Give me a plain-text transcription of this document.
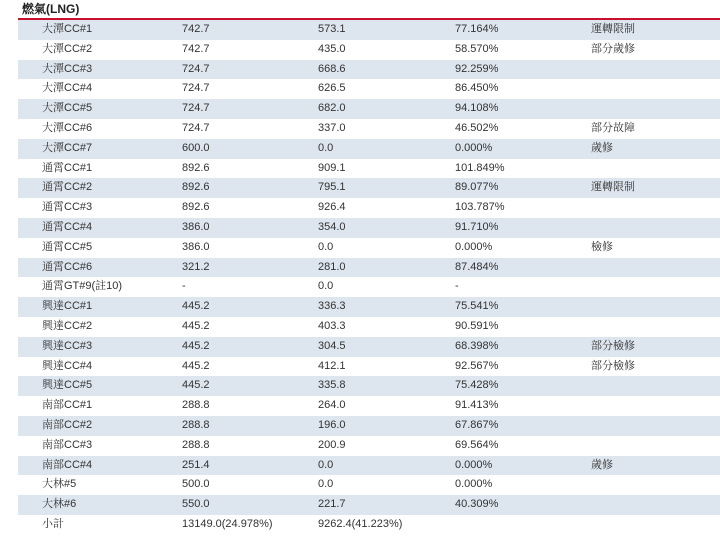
燃氣(LNG)
大潭CC#1	742.7	573.1	77.164%	運轉限制
大潭CC#2	742.7	435.0	58.570%	部分歲修
大潭CC#3	724.7	668.6	92.259%	
大潭CC#4	724.7	626.5	86.450%	
大潭CC#5	724.7	682.0	94.108%	
大潭CC#6	724.7	337.0	46.502%	部分故障
大潭CC#7	600.0	0.0	0.000%	歲修
通霄CC#1	892.6	909.1	101.849%	
通霄CC#2	892.6	795.1	89.077%	運轉限制
通霄CC#3	892.6	926.4	103.787%	
通霄CC#4	386.0	354.0	91.710%	
通霄CC#5	386.0	0.0	0.000%	檢修
通霄CC#6	321.2	281.0	87.484%	
通霄GT#9(註10)	-	0.0	-	
興達CC#1	445.2	336.3	75.541%	
興達CC#2	445.2	403.3	90.591%	
興達CC#3	445.2	304.5	68.398%	部分檢修
興達CC#4	445.2	412.1	92.567%	部分檢修
興達CC#5	445.2	335.8	75.428%	
南部CC#1	288.8	264.0	91.413%	
南部CC#2	288.8	196.0	67.867%	
南部CC#3	288.8	200.9	69.564%	
南部CC#4	251.4	0.0	0.000%	歲修
大林#5	500.0	0.0	0.000%	
大林#6	550.0	221.7	40.309%	
小計	13149.0(24.978%)	9262.4(41.223%)		
